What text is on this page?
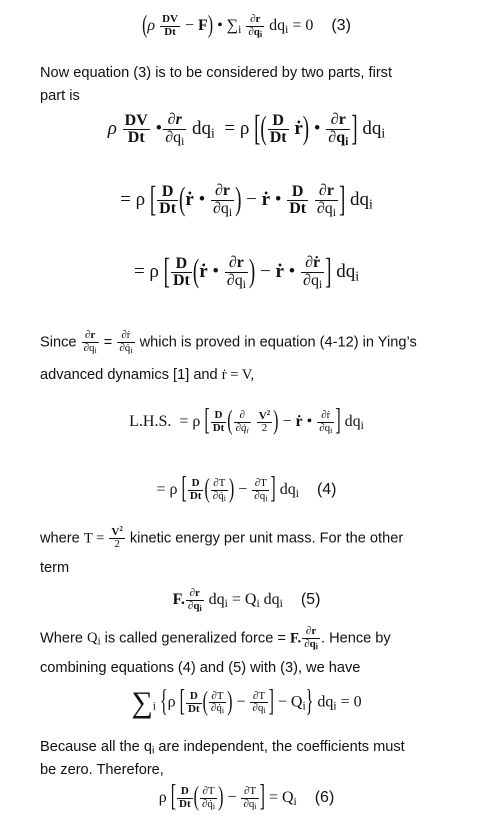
$(\rho \frac{DV}{Dt} - F)$ • $\sum i \frac{\partial r}{\partial qi}$ dqi = 0 (3)
Now equation (3) is to be considered by two parts, first
part is
ρ $\frac{DV}{Dt}$ • $\frac{\partial r}{\partial qi}$ dqi  = ρ [( $\frac{D}{Dt}$ ṙ) • $\frac{\partial r}{\partial qi}$ ] dqi
= ρ [ $\frac{D}{Dt}$ (ṙ • $\frac{\partial r}{\partial qi}$ ) − ṙ • $\frac{D}{Dt}$
$\frac{\partial r}{\partial qi}$ ] dqi
= ρ [ $\frac{D}{Dt}$ (ṙ • $\frac{\partial r}{\partial qi}$ ) − ṙ • $\frac{\text{∂ṙ}}{\partial qi}$ ] dqi
Since $\frac{\partial r}{\partial qi} = \frac{\text{∂ṙ}}{\partial q̇i}$ which is proved in equation (4-12) in Ying’s
advanced dynamics [1] and ṙ = V,
L.H.S.  = ρ [ $\frac{D}{Dt}$ ( ∂
∂q̇i
$\frac{V^2}{2}$ ) − ṙ • $\frac{\text{∂ṙ}}{\partial qi}$ ] dqi
= ρ [ $\frac{D}{Dt}$ ( $\frac{\partial T}{\partial q̇i}$ ) − $\frac{\partial T}{\partial qi}$ ] dqi (4)
where $T = \frac{V^2}{2}$ kinetic energy per unit mass. For the other
term
F. $\frac{\partial r}{\partial qi}$ dqi = Qi dqi (5)
Where Qi is called generalized force = F. $\frac{\partial r}{\partial qi}$ . Hence by
combining equations (4) and (5) with (3), we have
∑i {ρ [ $\frac{D}{Dt}$ ( $\frac{\partial T}{\partial q̇i}$ ) − $\frac{\partial T}{\partial qi}$ ] − Qi} dqi = 0
Because all the qi are independent, the coefficients must
be zero. Therefore,
ρ [ $\frac{D}{Dt}$ ( $\frac{\partial T}{\partial q̇i}$ ) − $\frac{\partial T}{\partial qi}$ ] = Qi (6)
